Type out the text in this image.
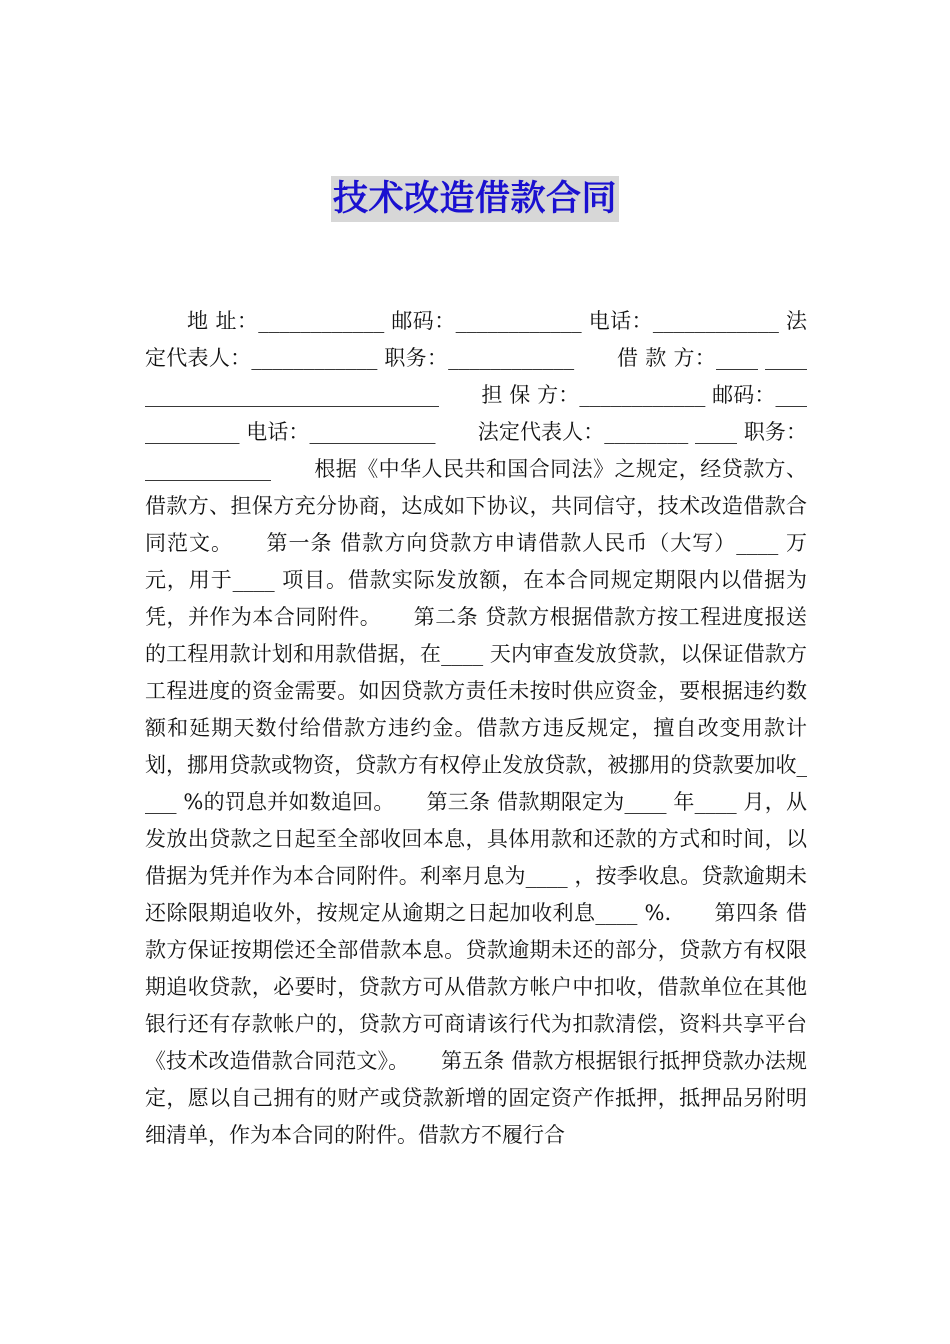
技术改造借款合同

地 址：____________ 邮码：____________ 电话：____________ 法定代表人：____________ 职务：____________　　借 款 方：____ ________________________________　　担 保 方：____________ 邮码：____________ 电话：____________　　法定代表人：________ ____ 职务：____________　　根据《中华人民共和国合同法》之规定，经贷款方、借款方、担保方充分协商，达成如下协议，共同信守，技术改造借款合同范文。　　第一条 借款方向贷款方申请借款人民币（大写）____ 万元，用于____ 项目。借款实际发放额，在本合同规定期限内以借据为凭，并作为本合同附件。　　第二条 贷款方根据借款方按工程进度报送的工程用款计划和用款借据，在____ 天内审查发放贷款，以保证借款方工程进度的资金需要。如因贷款方责任未按时供应资金，要根据违约数额和延期天数付给借款方违约金。借款方违反规定，擅自改变用款计划，挪用贷款或物资，贷款方有权停止发放贷款，被挪用的贷款要加收____ %的罚息并如数追回。　　第三条 借款期限定为____ 年____ 月，从发放出贷款之日起至全部收回本息，具体用款和还款的方式和时间，以借据为凭并作为本合同附件。利率月息为____ ，按季收息。贷款逾期未还除限期追收外，按规定从逾期之日起加收利息____ %.　　第四条 借款方保证按期偿还全部借款本息。贷款逾期未还的部分，贷款方有权限期追收贷款，必要时，贷款方可从借款方帐户中扣收，借款单位在其他银行还有存款帐户的，贷款方可商请该行代为扣款清偿，资料共享平台《技术改造借款合同范文》。　　第五条 借款方根据银行抵押贷款办法规定，愿以自己拥有的财产或贷款新增的固定资产作抵押，抵押品另附明细清单，作为本合同的附件。借款方不履行合
